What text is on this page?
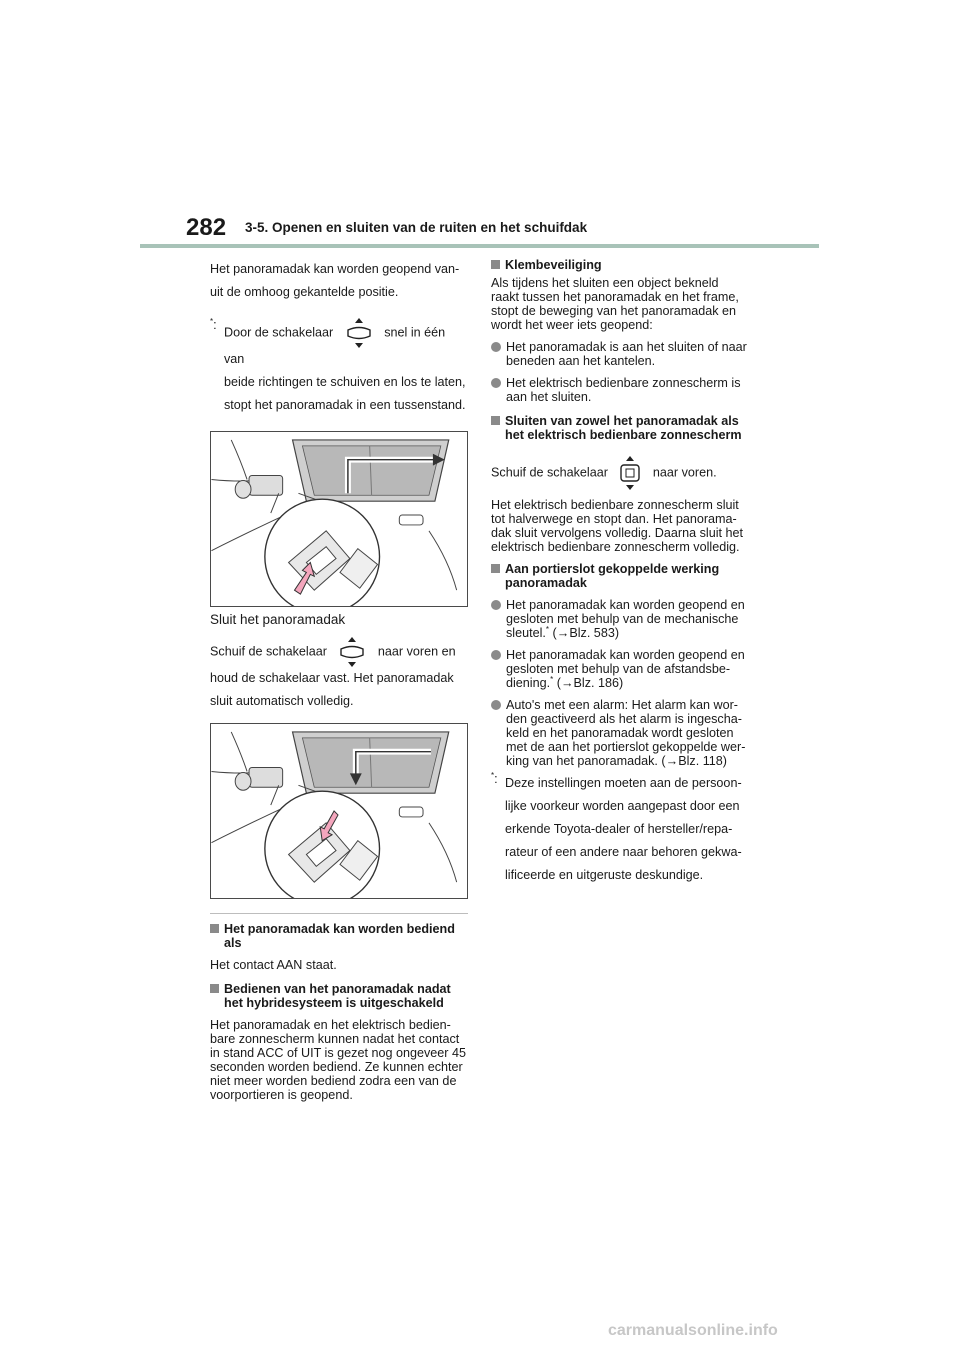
282 3-5. Openen en sluiten van de ruiten en het schuifdak

Het panoramadak kan worden geopend van-uit de omhoog gekantelde positie.

*:

Door de schakelaar	snel in één van

beide richtingen te schuiven en los te laten, stopt het panoramadak in een tussenstand.

Sluit het panoramadak

Schuif de schakelaar	naar voren en

houd de schakelaar vast. Het panoramadak sluit automatisch volledig.

Het panoramadak kan worden bediend als

Het contact AAN staat.

Bedienen van het panoramadak nadat het hybridesysteem is uitgeschakeld

Het panoramadak en het elektrisch bedien-bare zonnescherm kunnen nadat het contact in stand ACC of UIT is gezet nog ongeveer 45 seconden worden bediend. Ze kunnen echter niet meer worden bediend zodra een van de voorportieren is geopend.

Klembeveiliging

Als tijdens het sluiten een object bekneld raakt tussen het panoramadak en het frame, stopt de beweging van het panoramadak en wordt het weer iets geopend:

Het panoramadak is aan het sluiten of naar beneden aan het kantelen.
Het elektrisch bedienbare zonnescherm is aan het sluiten.
Sluiten van zowel het panoramadak als het elektrisch bedienbare zonnescherm

Schuif de schakelaar	naar voren.

Het elektrisch bedienbare zonnescherm sluit tot halverwege en stopt dan. Het panorama-dak sluit vervolgens volledig. Daarna sluit het elektrisch bedienbare zonnescherm volledig.

Aan portierslot gekoppelde werking panoramadak
Het panoramadak kan worden geopend en gesloten met behulp van de mechanische sleutel.* (→Blz. 583)
Het panoramadak kan worden geopend en gesloten met behulp van de afstandsbe-diening.* (→Blz. 186)
Auto's met een alarm: Het alarm kan wor-den geactiveerd als het alarm is ingescha-keld en het panoramadak wordt gesloten met de aan het portierslot gekoppelde wer-king van het panoramadak. (→Blz. 118)
*: Deze instellingen moeten aan de persoon-lijke voorkeur worden aangepast door een erkende Toyota-dealer of hersteller/repa-rateur of een andere naar behoren gekwa-lificeerde en uitgeruste deskundige.

carmanualsonline.info
